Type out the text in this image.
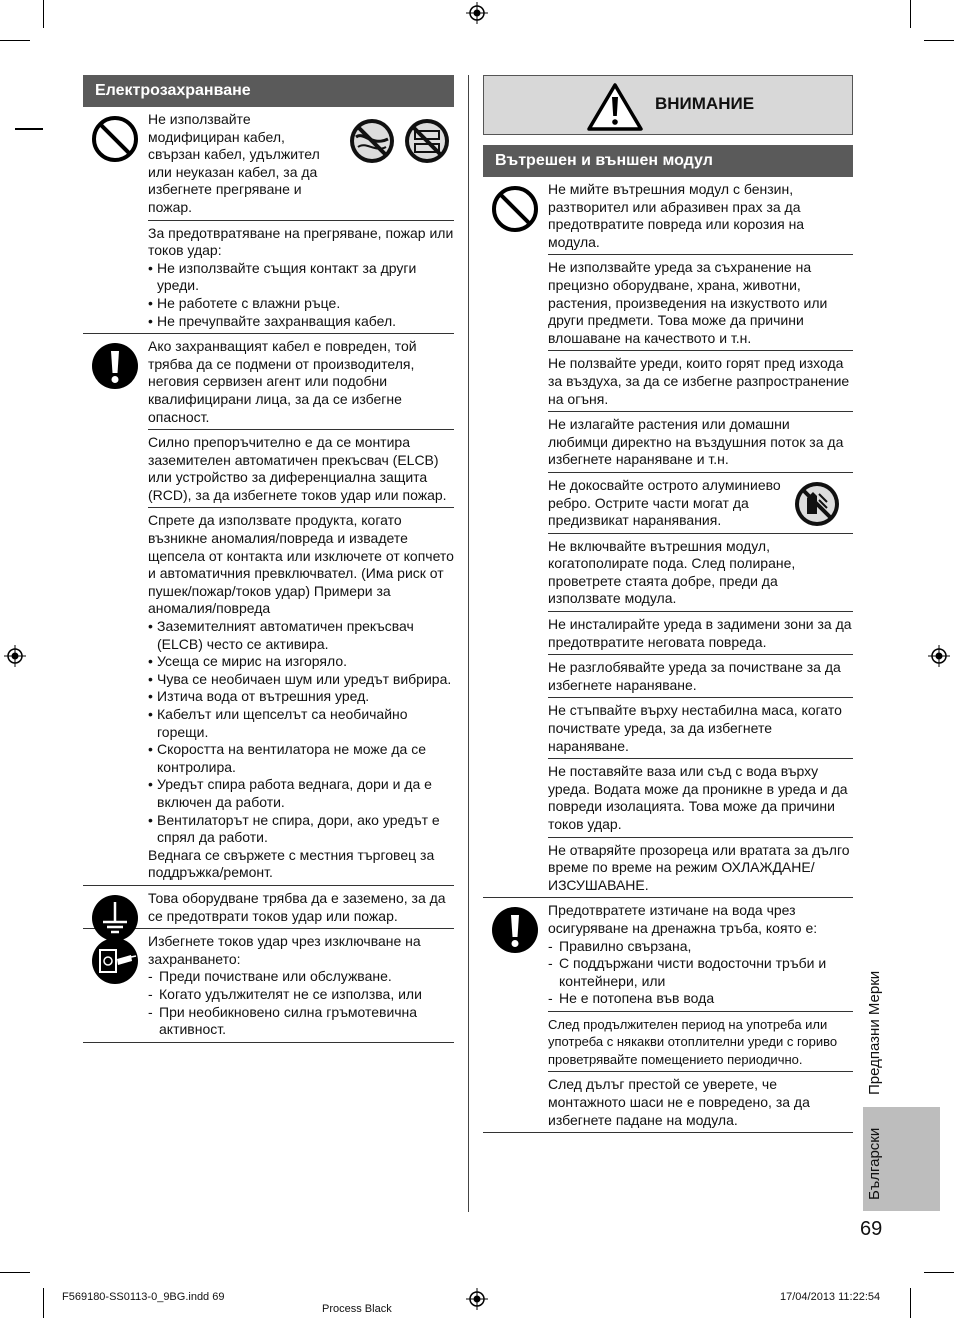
Електрозахранване
Не използвайте модифициран кабел, свързан кабел, удължител или неуказан кабел, за да избегнете прегряване и пожар.
За предотвратяване на прегряване, пожар или токов удар:
• Не използвайте същия контакт за други уреди.
• Не работете с влажни ръце.
• Не пречупвайте захранващия кабел.
Ако захранващият кабел е повреден, той трябва да се подмени от производителя, неговия сервизен агент или подобни квалифицирани лица, за да се избегне опасност.
Силно препоръчително е да се монтира заземителен автоматичен прекъсвач (ELCB) или устройство за диференциална защита (RCD), за да избегнете токов удар или пожар.
Спрете да използвате продукта, когато възникне аномалия/повреда и извадете щепсела от контакта или изключете от копчето и автоматичния превключвател. (Има риск от пушек/пожар/токов удар) Примери за аномалия/повреда
• Заземителният автоматичен прекъсвач (ELCB) често се активира.
• Усеща се мирис на изгоряло.
• Чува се необичаен шум или уредът вибрира.
• Изтича вода от вътрешния уред.
• Кабелът или щепселът са необичайно горещи.
• Скоростта на вентилатора не може да се контролира.
• Уредът спира работа веднага, дори и да е включен да работи.
• Вентилаторът не спира, дори, ако уредът е спрял да работи.
Веднага се свържете с местния търговец за поддръжка/ремонт.
Това оборудване трябва да е заземено, за да се предотврати токов удар или пожар.
Избегнете токов удар чрез изключване на захранването:
- Преди почистване или обслужване.
- Когато удължителят не се използва, или
- При необикновено силна гръмотевична активност.
ВНИМАНИЕ
Вътрешен и външен модул
Не мийте вътрешния модул с бензин, разтворител или абразивен прах за да предотвратите повреда или корозия на модула.
Не използвайте уреда за съхранение на прецизно оборудване, храна, животни, растения, произведения на изкуството или други предмети. Това може да причини влошаване на качеството и т.н.
Не ползвайте уреди, които горят пред изхода за въздуха, за да се избегне разпространение на огъня.
Не излагайте растения или домашни любимци директно на въздушния поток за да избегнете нараняване и т.н.
Не докосвайте острото алуминиево ребро. Острите части могат да предизвикат наранявания.
Не включвайте вътрешния модул, когатополирате пода. След полиране, проветрете стаята добре, преди да използвате модула.
Не инсталирайте уреда в задимени зони за да предотвратите неговата повреда.
Не разглобявайте уреда за почистване за да избегнете нараняване.
Не стъпвайте върху нестабилна маса, когато почиствате уреда, за да избегнете нараняване.
Не поставяйте ваза или съд с вода върху уреда. Водата може да проникне в уреда и да повреди изолацията. Това може да причини токов удар.
Не отваряйте прозореца или вратата за дълго време по време на режим ОХЛАЖДАНЕ/ИЗСУШАВАНЕ.
Предотвратете изтичане на вода чрез осигуряване на дренажна тръба, която е:
- Правилно свързана,
- С поддържани чисти водосточни тръби и контейнери, или
- Не е потопена във вода
След продължителен период на употреба или употреба с някакви отоплителни уреди с гориво проветрявайте помещението периодично.
След дълъг престой се уверете, че монтажното шаси не е повредено, за да избегнете падане на модула.
Предпазни Мерки
Български
69
F569180-SS0113-0_9BG.indd 69
Process Black
17/04/2013 11:22:54
